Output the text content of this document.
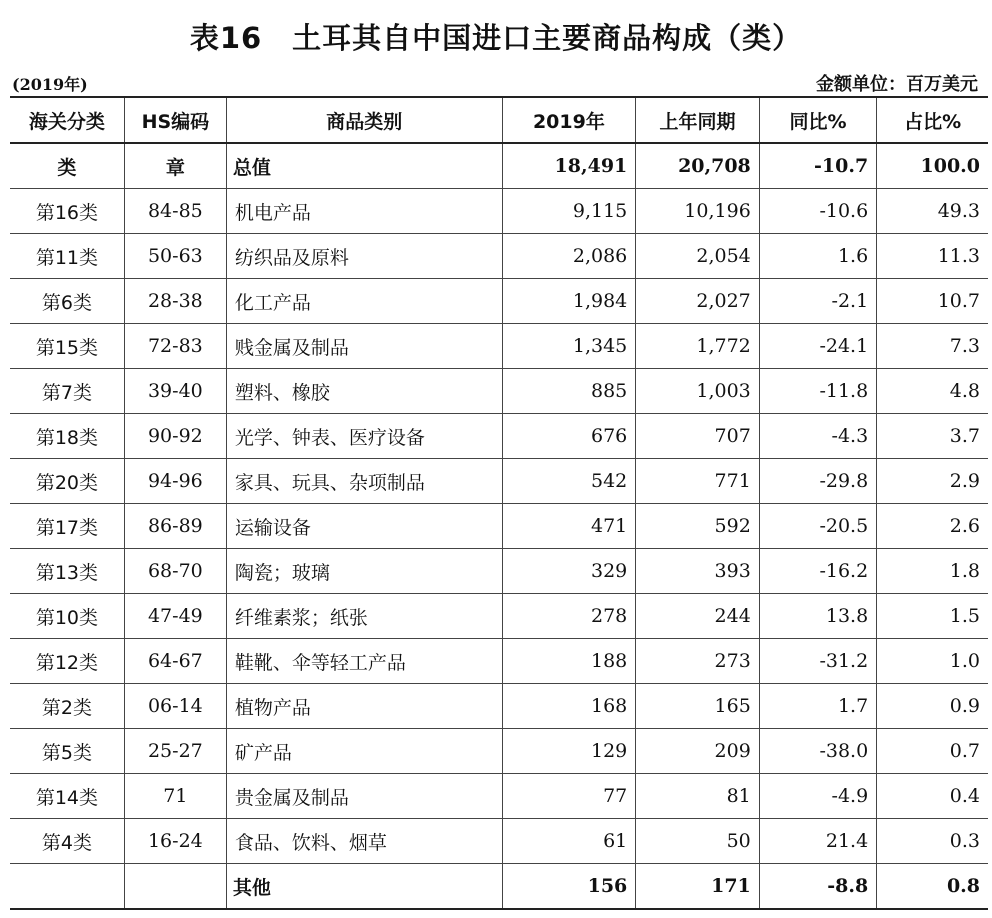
表16　土耳其自中国进口主要商品构成（类）
(2019年)	金额单位：百万美元
海关分类	HS编码	商品类别	2019年	上年同期	同比%	占比%
类	章	总值	18,491	20,708	-10.7	100.0
第16类	84-85	机电产品	9,115	10,196	-10.6	49.3
第11类	50-63	纺织品及原料	2,086	2,054	1.6	11.3
第6类	28-38	化工产品	1,984	2,027	-2.1	10.7
第15类	72-83	贱金属及制品	1,345	1,772	-24.1	7.3
第7类	39-40	塑料、橡胶	885	1,003	-11.8	4.8
第18类	90-92	光学、钟表、医疗设备	676	707	-4.3	3.7
第20类	94-96	家具、玩具、杂项制品	542	771	-29.8	2.9
第17类	86-89	运输设备	471	592	-20.5	2.6
第13类	68-70	陶瓷；玻璃	329	393	-16.2	1.8
第10类	47-49	纤维素浆；纸张	278	244	13.8	1.5
第12类	64-67	鞋靴、伞等轻工产品	188	273	-31.2	1.0
第2类	06-14	植物产品	168	165	1.7	0.9
第5类	25-27	矿产品	129	209	-38.0	0.7
第14类	71	贵金属及制品	77	81	-4.9	0.4
第4类	16-24	食品、饮料、烟草	61	50	21.4	0.3
		其他	156	171	-8.8	0.8
